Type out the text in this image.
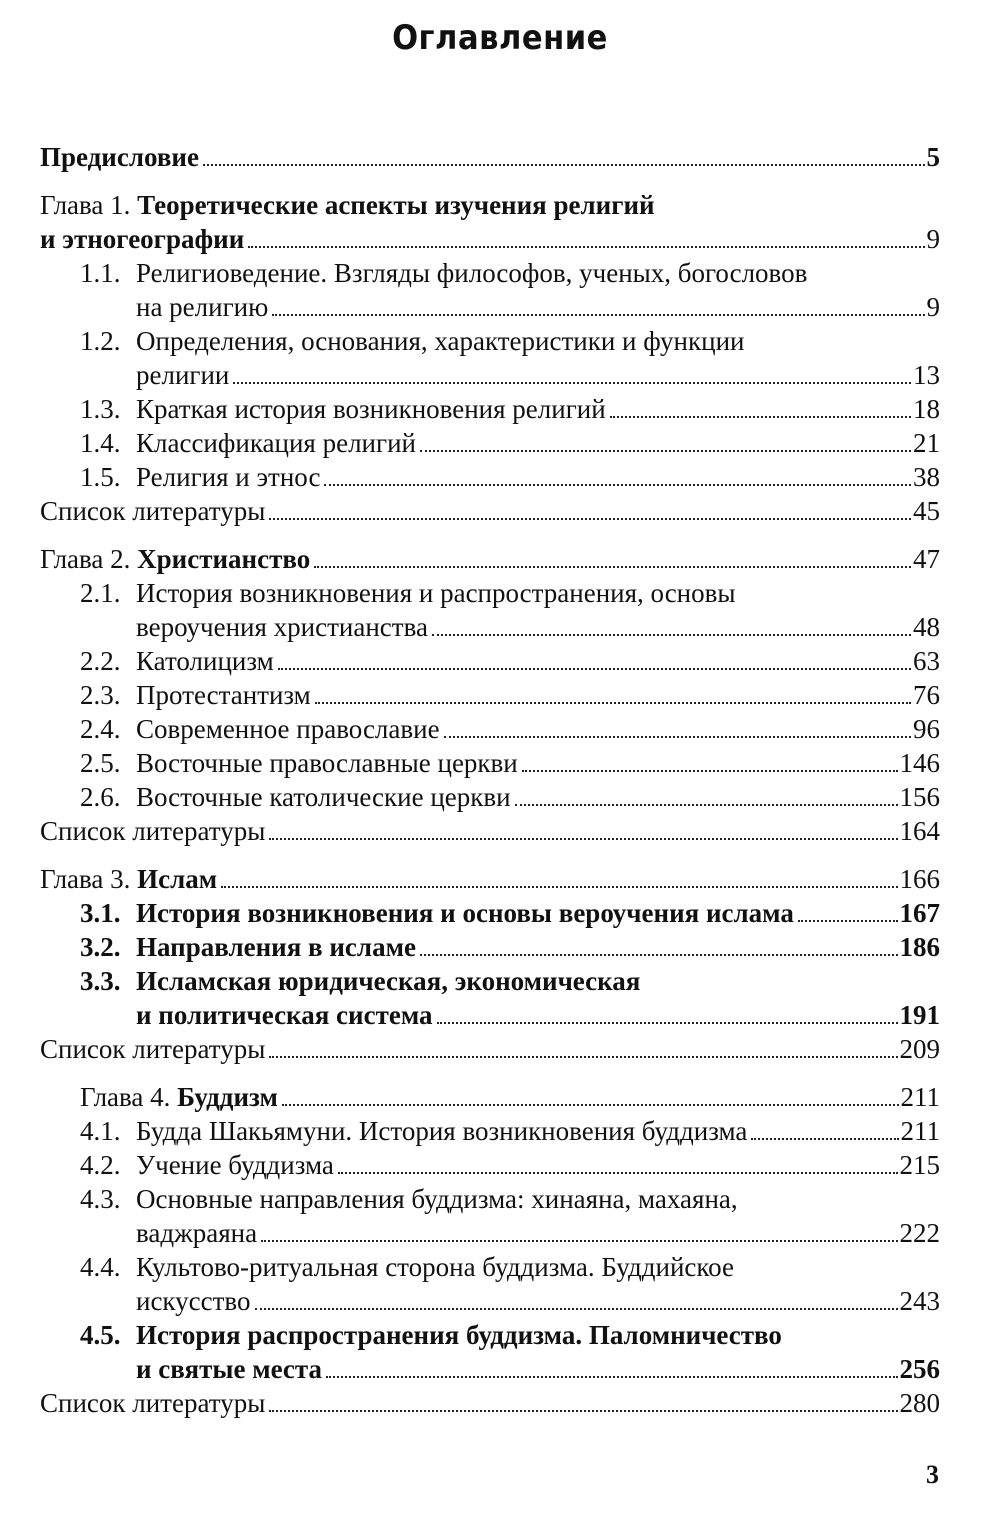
Оглавление
Предисловие	5
Глава 1. Теоретические аспекты изучения религий
и этногеографии	9
1.1. Религиоведение. Взгляды философов, ученых, богословов
на религию	9
1.2. Определения, основания, характеристики и функции
религии	13
1.3. Краткая история возникновения религий	18
1.4. Классификация религий	21
1.5. Религия и этнос	38
Список литературы	45
Глава 2. Христианство	47
2.1. История возникновения и распространения, основы
вероучения христианства	48
2.2. Католицизм	63
2.3. Протестантизм	76
2.4. Современное православие	96
2.5. Восточные православные церкви	146
2.6. Восточные католические церкви	156
Список литературы	164
Глава 3. Ислам	166
3.1. История возникновения и основы вероучения ислама	167
3.2. Направления в исламе	186
3.3. Исламская юридическая, экономическая
и политическая система	191
Список литературы	209
Глава 4. Буддизм	211
4.1. Будда Шакьямуни. История возникновения буддизма	211
4.2. Учение буддизма	215
4.3. Основные направления буддизма: хинаяна, махаяна,
ваджраяна	222
4.4. Культово-ритуальная сторона буддизма. Буддийское
искусство	243
4.5. История распространения буддизма. Паломничество
и святые места	256
Список литературы	280
3
